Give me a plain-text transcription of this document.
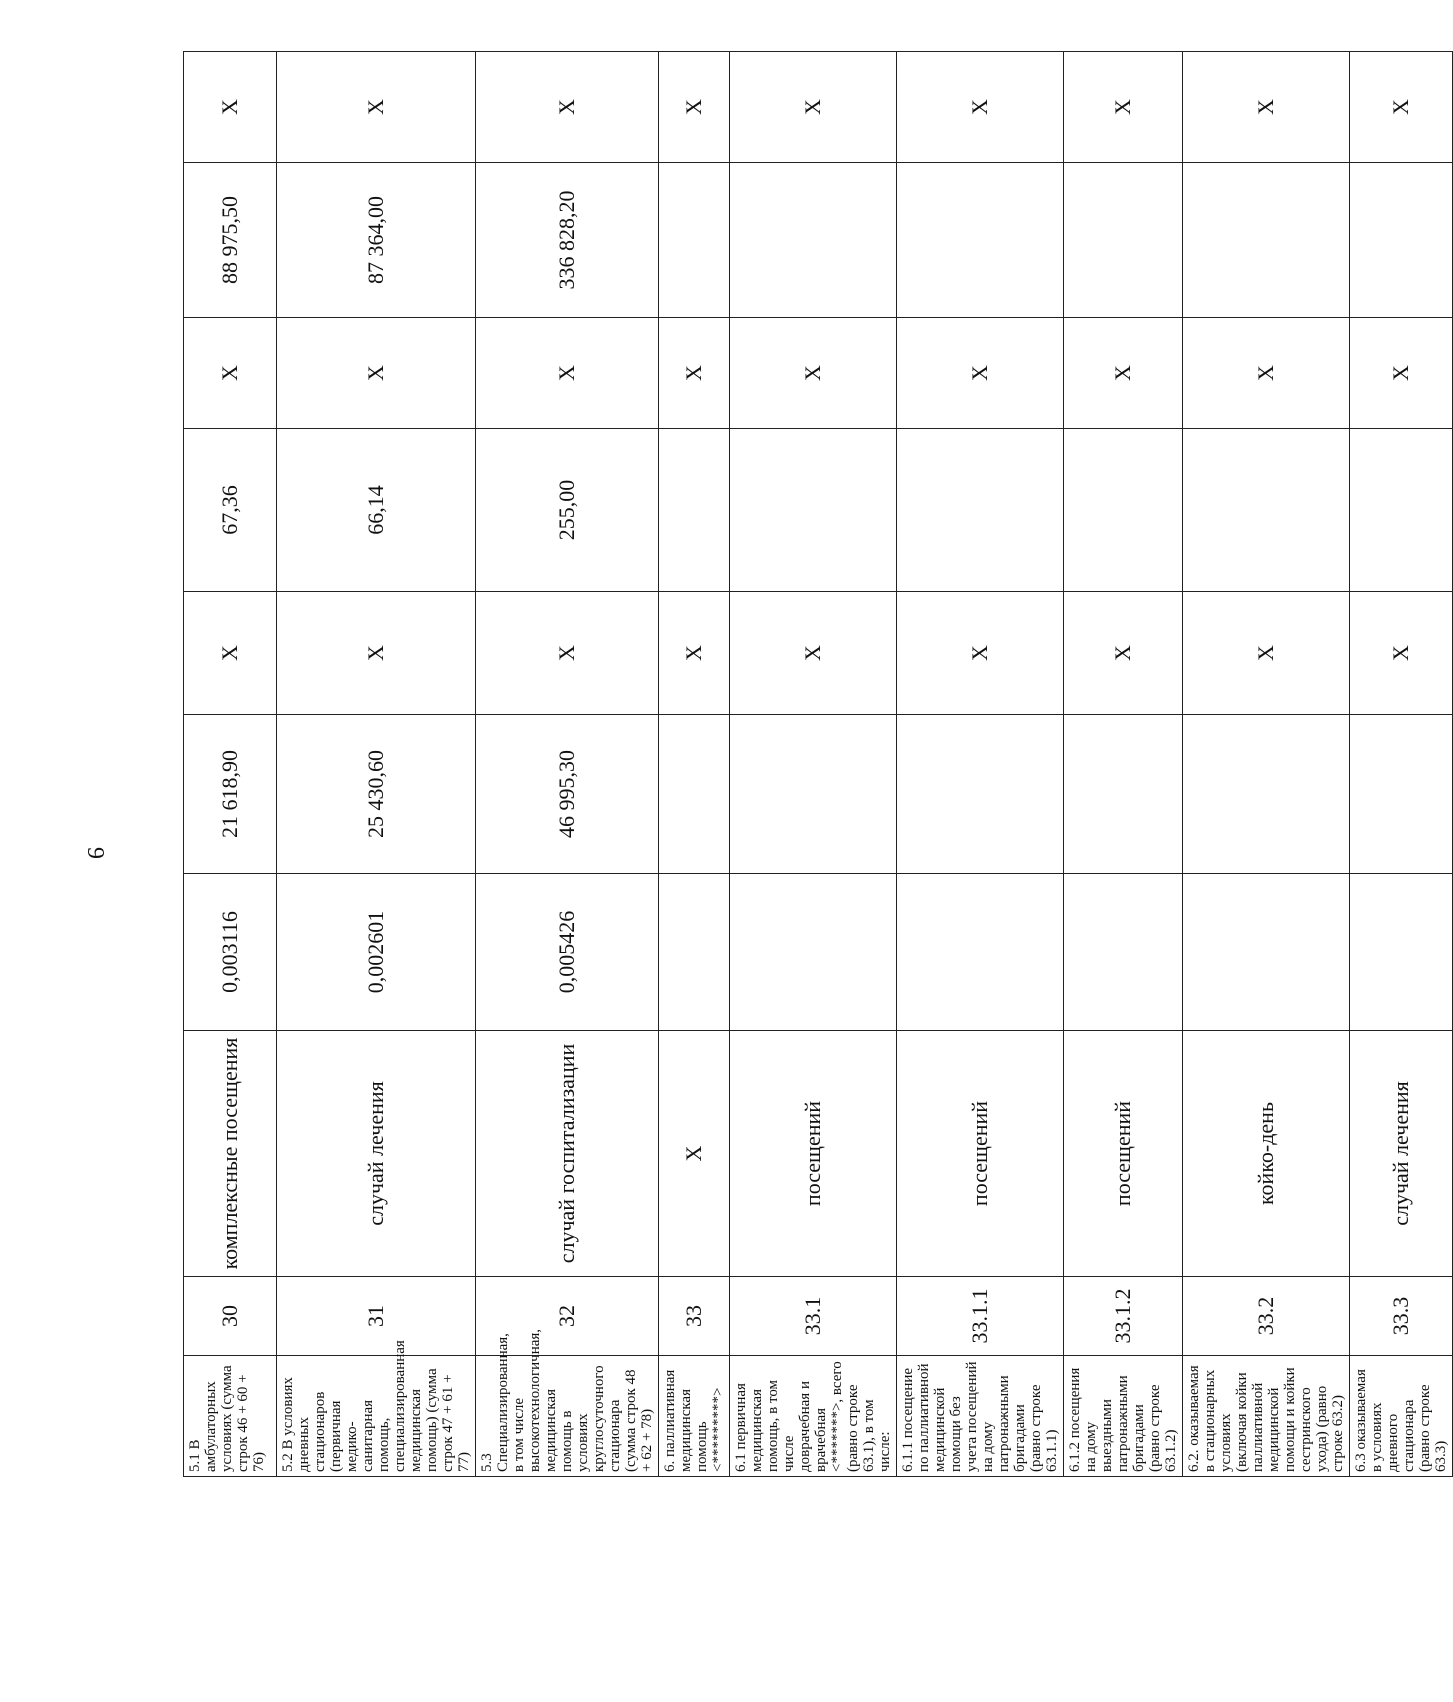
9
5.1 В амбулаторных условиях (сумма строк 46 + 60 + 76)	30	комплексные посещения	0,003116	21 618,90	Х	67,36	Х	88 975,50	Х
5.2 В условиях дневных стационаров (первичная медико-санитарная помощь, специализированная медицинская помощь) (сумма строк 47 + 61 + 77)	31	случай лечения	0,002601	25 430,60	Х	66,14	Х	87 364,00	Х
5.3 Специализированная, в том числе высокотехнологичная, медицинская помощь в условиях круглосуточного стационара (сумма строк 48 + 62 + 78)	32	случай госпитализации	0,005426	46 995,30	Х	255,00	Х	336 828,20	Х
6. паллиативная медицинская помощь <*********>	33	Х			Х		Х		Х
6.1 первичная медицинская помощь, в том числе доврачебная и врачебная <*******>, всего (равно строке 63.1), в том числе:	33.1	посещений			Х		Х		Х
6.1.1 посещение по паллиативной медицинской помощи без учета посещений на дому патронажными бригадами (равно строке 63.1.1)	33.1.1	посещений			Х		Х		Х
6.1.2 посещения на дому выездными патронажными бригадами (равно строке 63.1.2)	33.1.2	посещений			Х		Х		Х
6.2. оказываемая в стационарных условиях (включая койки паллиативной медицинской помощи и койки сестринского ухода) (равно строке 63.2)	33.2	койко-день			Х		Х		Х
6.3 оказываемая в условиях дневного стационара (равно строке 63.3)	33.3	случай лечения			Х		Х		Х
